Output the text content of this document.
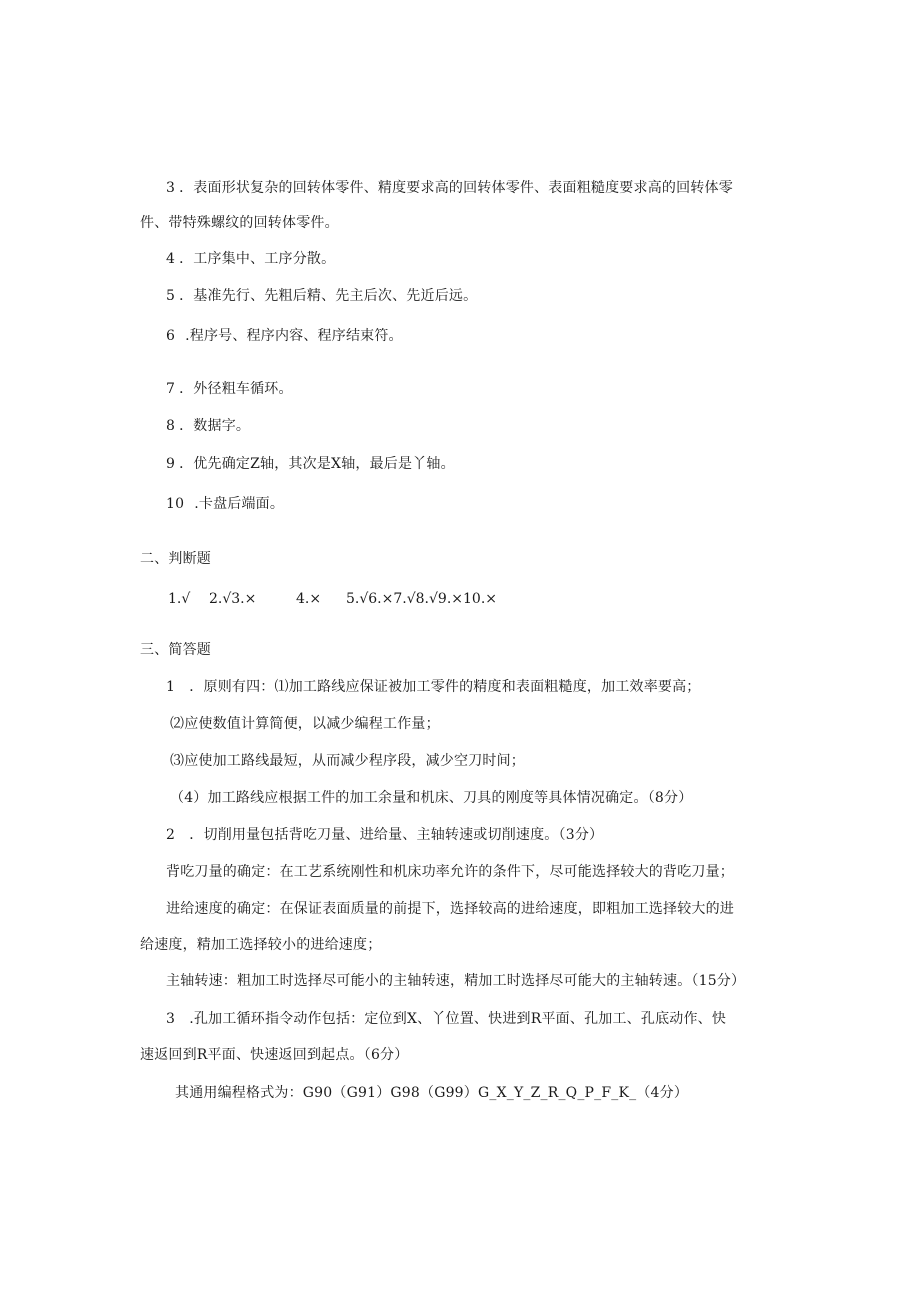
3 ．表面形状复杂的回转体零件、精度要求高的回转体零件、表面粗糙度要求高的回转体零
件、带特殊螺纹的回转体零件。
4 ．工序集中、工序分散。
5 ．基准先行、先粗后精、先主后次、先近后远。
6 .程序号、程序内容、程序结束符。
7 ．外径粗车循环。
8 ．数据字。
9 ．优先确定Z轴，其次是X轴，最后是丫轴。
10 .卡盘后端面。
二、判断题
1.√ 2.√3.×	4.× 5.√6.×7.√8.√9.×10.×
三、简答题
1　．原则有四：⑴加工路线应保证被加工零件的精度和表面粗糙度，加工效率要高；
⑵应使数值计算简便，以减少编程工作量；
⑶应使加工路线最短，从而减少程序段，减少空刀时间；
（4）加工路线应根据工件的加工余量和机床、刀具的刚度等具体情况确定。（8分）
2　．切削用量包括背吃刀量、进给量、主轴转速或切削速度。（3分）
背吃刀量的确定：在工艺系统刚性和机床功率允许的条件下，尽可能选择较大的背吃刀量；
进给速度的确定：在保证表面质量的前提下，选择较高的进给速度，即粗加工选择较大的进
给速度，精加工选择较小的进给速度；
主轴转速：粗加工时选择尽可能小的主轴转速，精加工时选择尽可能大的主轴转速。（15分）
3　.孔加工循环指令动作包括：定位到X、丫位置、快进到R平面、孔加工、孔底动作、快
速返回到R平面、快速返回到起点。（6分）
其通用编程格式为：G90（G91）G98（G99）G_X_Y_Z_R_Q_P_F_K_（4分）
